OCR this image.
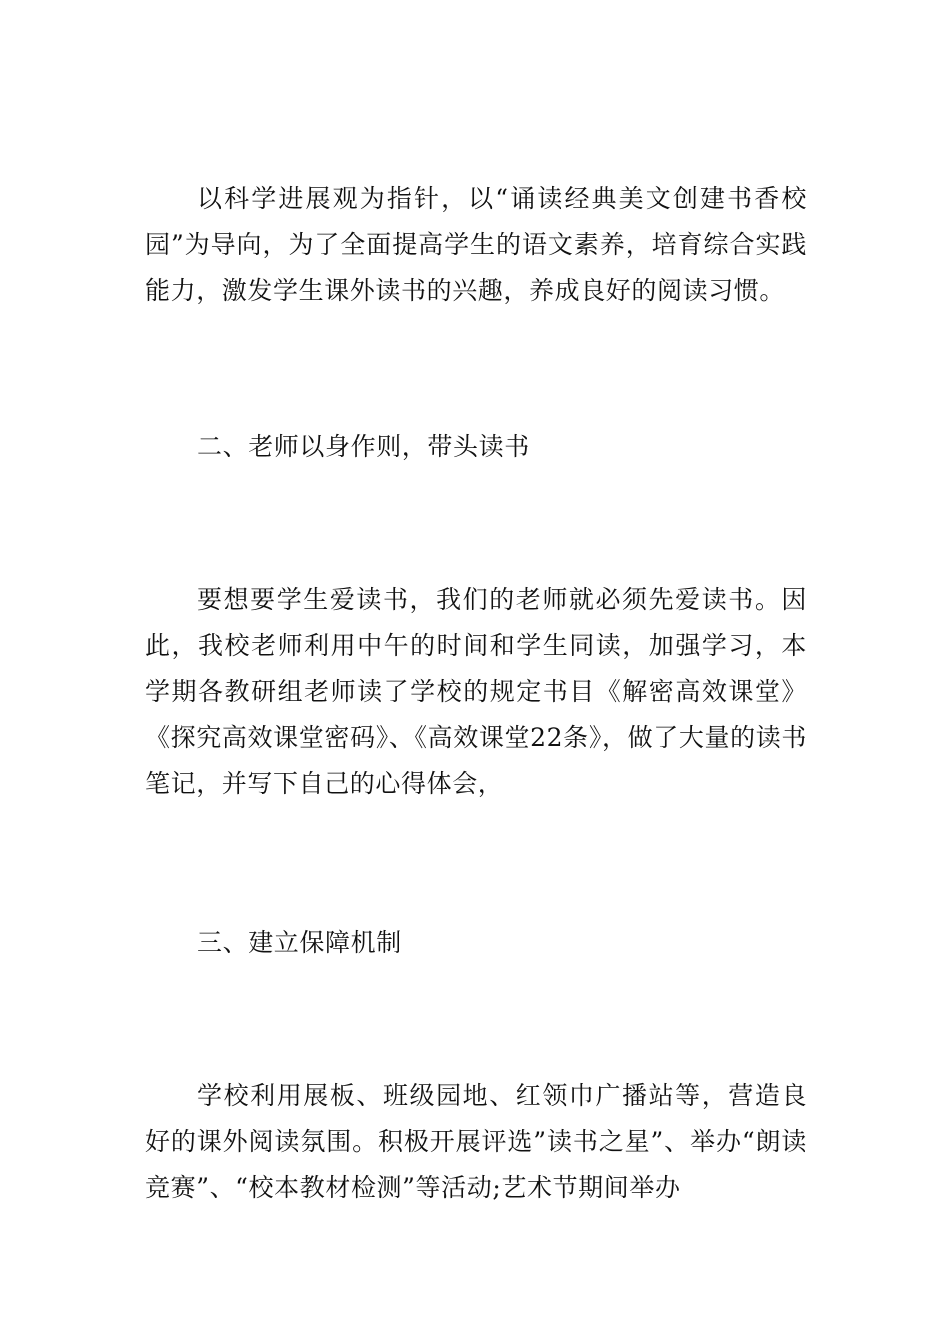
以科学进展观为指针，以“诵读经典美文创建书香校园”为导向，为了全面提高学生的语文素养，培育综合实践能力，激发学生课外读书的兴趣，养成良好的阅读习惯。

二、老师以身作则，带头读书

要想要学生爱读书，我们的老师就必须先爱读书。因此，我校老师利用中午的时间和学生同读，加强学习，本学期各教研组老师读了学校的规定书目《解密高效课堂》《探究高效课堂密码》、《高效课堂22条》，做了大量的读书笔记，并写下自己的心得体会，

三、建立保障机制

学校利用展板、班级园地、红领巾广播站等，营造良好的课外阅读氛围。积极开展评选”读书之星”、举办“朗读竞赛”、“校本教材检测”等活动;艺术节期间举办
